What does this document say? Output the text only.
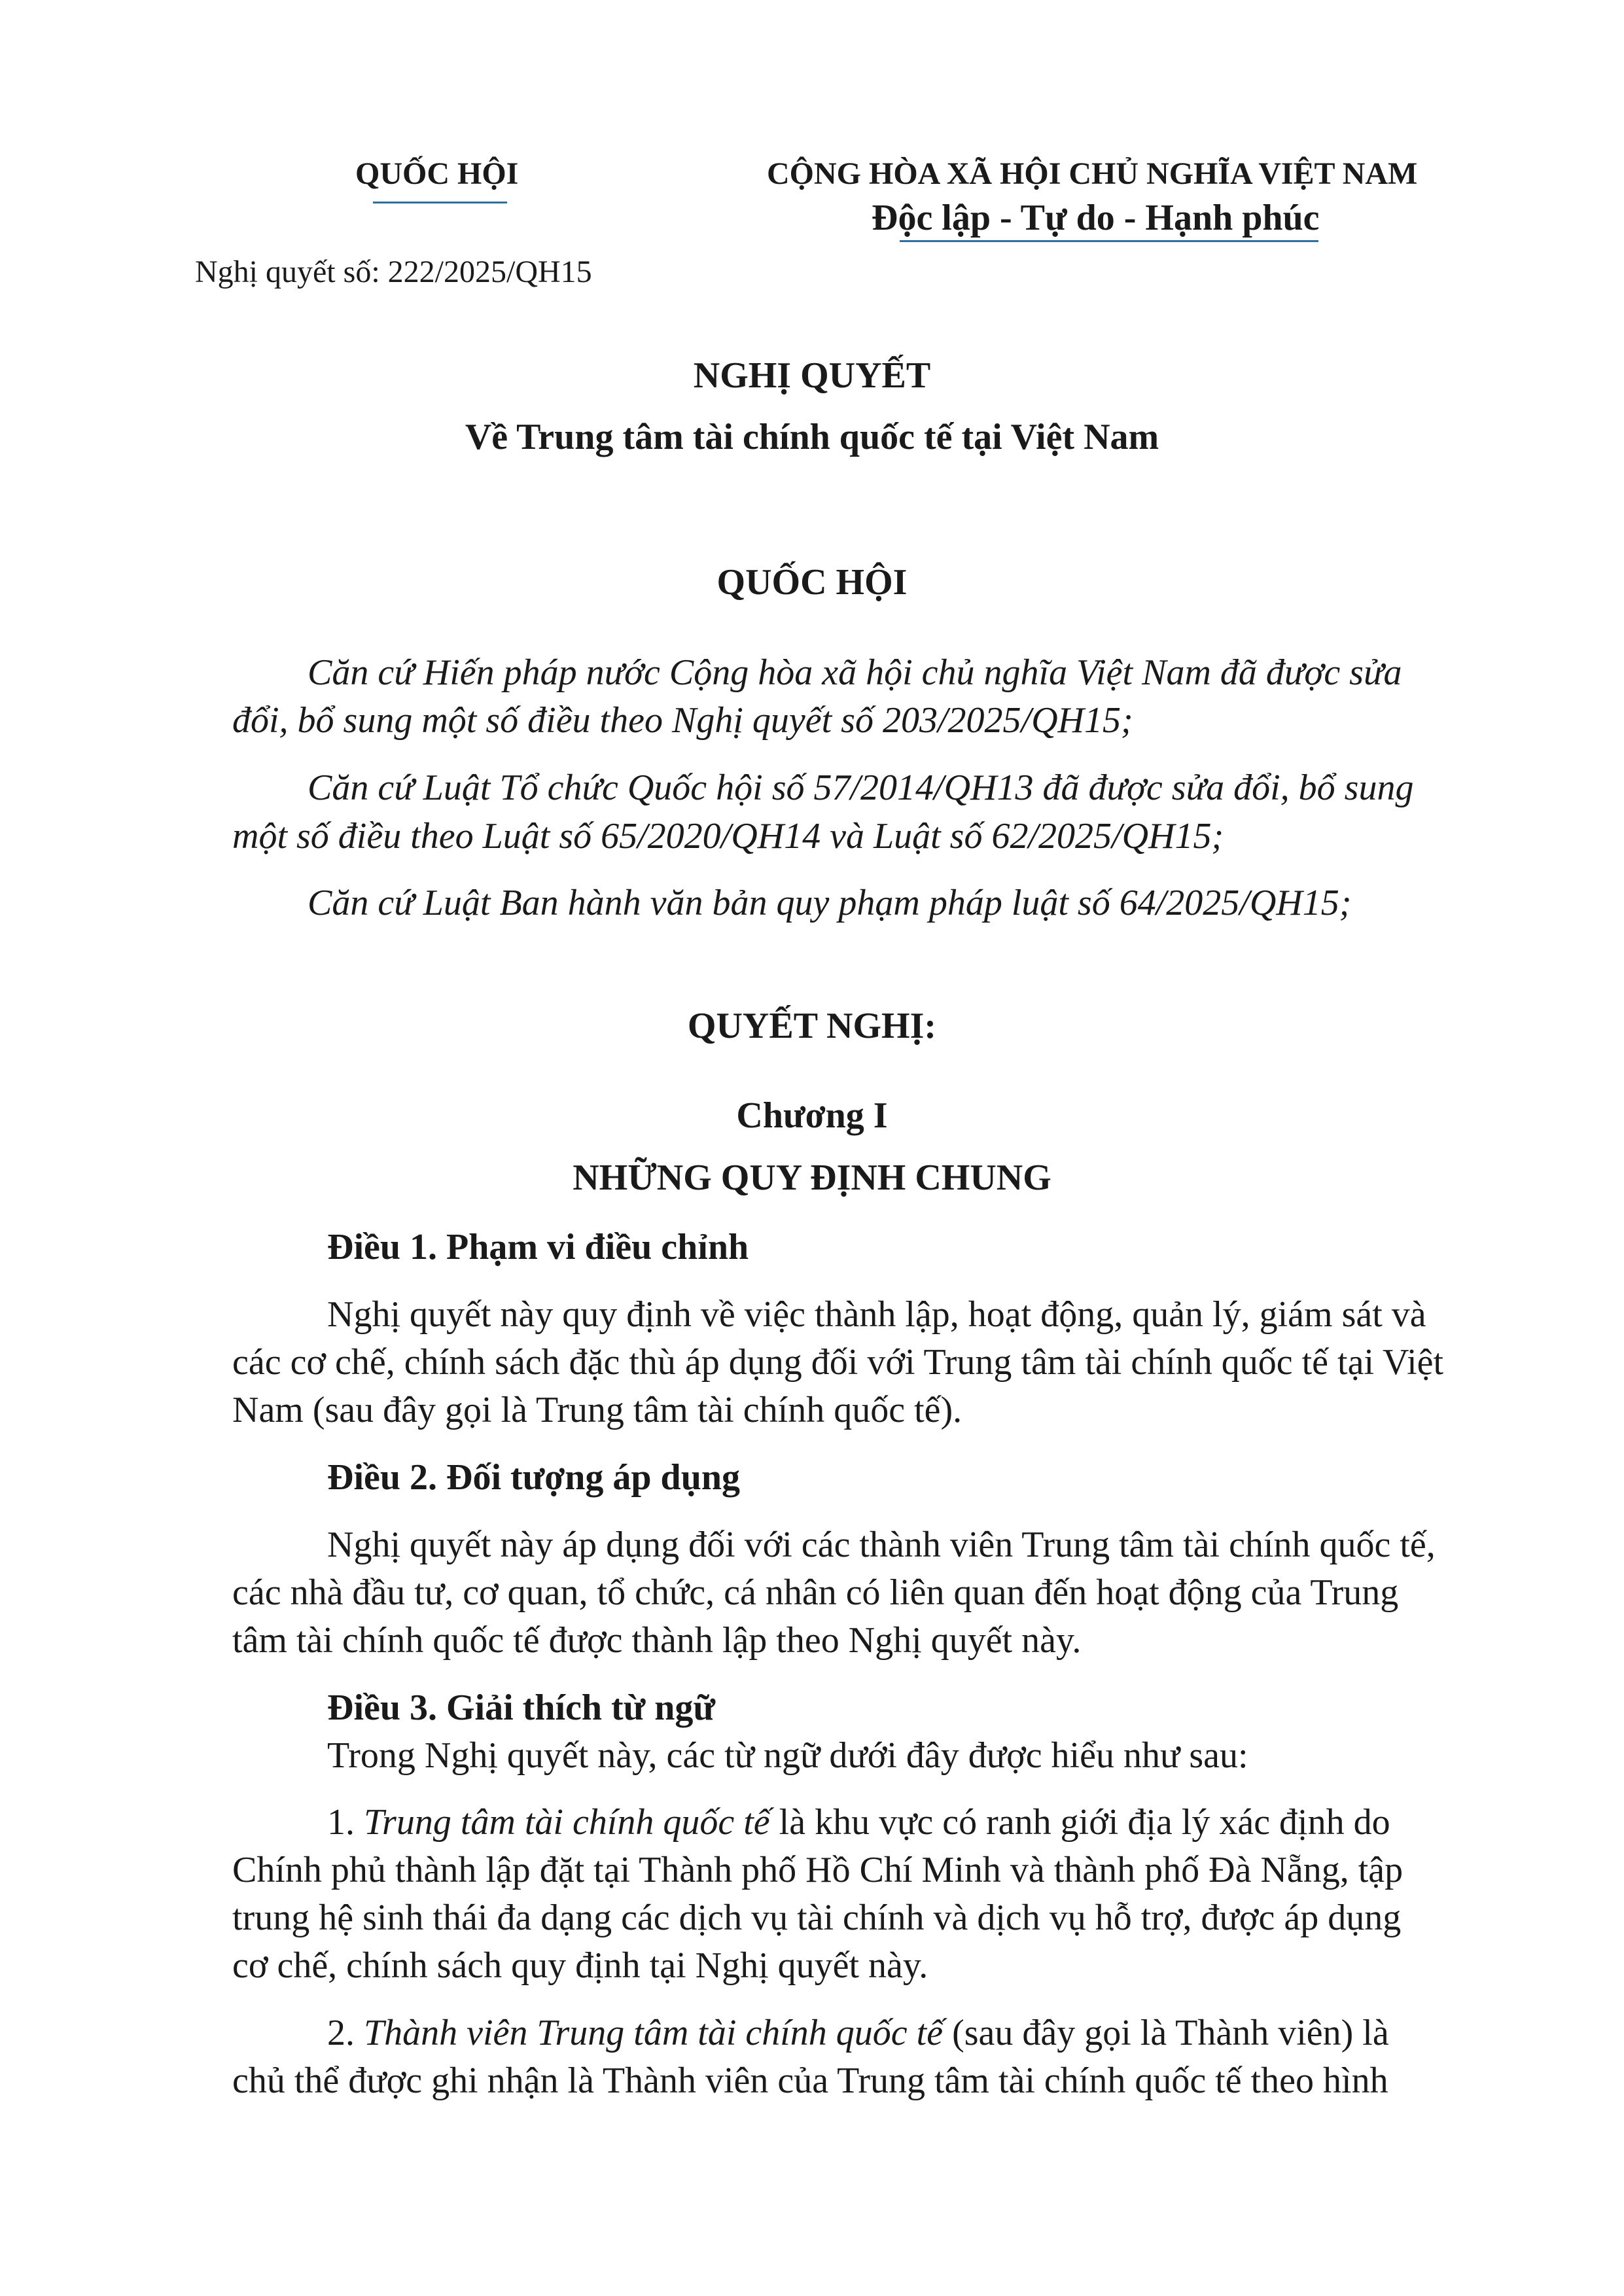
QUỐC HỘI	CỘNG HÒA XÃ HỘI CHỦ NGHĨA VIỆT NAM
Độc lập - Tự do - Hạnh phúc
Nghị quyết số: 222/2025/QH15
NGHỊ QUYẾT
Về Trung tâm tài chính quốc tế tại Việt Nam
QUỐC HỘI
Căn cứ Hiến pháp nước Cộng hòa xã hội chủ nghĩa Việt Nam đã được sửa
đổi, bổ sung một số điều theo Nghị quyết số 203/2025/QH15;
Căn cứ Luật Tổ chức Quốc hội số 57/2014/QH13 đã được sửa đổi, bổ sung
một số điều theo Luật số 65/2020/QH14 và Luật số 62/2025/QH15;
Căn cứ Luật Ban hành văn bản quy phạm pháp luật số 64/2025/QH15;
QUYẾT NGHỊ:
Chương I
NHỮNG QUY ĐỊNH CHUNG
Điều 1. Phạm vi điều chỉnh
Nghị quyết này quy định về việc thành lập, hoạt động, quản lý, giám sát và
các cơ chế, chính sách đặc thù áp dụng đối với Trung tâm tài chính quốc tế tại Việt
Nam (sau đây gọi là Trung tâm tài chính quốc tế).
Điều 2. Đối tượng áp dụng
Nghị quyết này áp dụng đối với các thành viên Trung tâm tài chính quốc tế,
các nhà đầu tư, cơ quan, tổ chức, cá nhân có liên quan đến hoạt động của Trung
tâm tài chính quốc tế được thành lập theo Nghị quyết này.
Điều 3. Giải thích từ ngữ
Trong Nghị quyết này, các từ ngữ dưới đây được hiểu như sau:
1. Trung tâm tài chính quốc tế là khu vực có ranh giới địa lý xác định do
Chính phủ thành lập đặt tại Thành phố Hồ Chí Minh và thành phố Đà Nẵng, tập
trung hệ sinh thái đa dạng các dịch vụ tài chính và dịch vụ hỗ trợ, được áp dụng
cơ chế, chính sách quy định tại Nghị quyết này.
2. Thành viên Trung tâm tài chính quốc tế (sau đây gọi là Thành viên) là
chủ thể được ghi nhận là Thành viên của Trung tâm tài chính quốc tế theo hình
